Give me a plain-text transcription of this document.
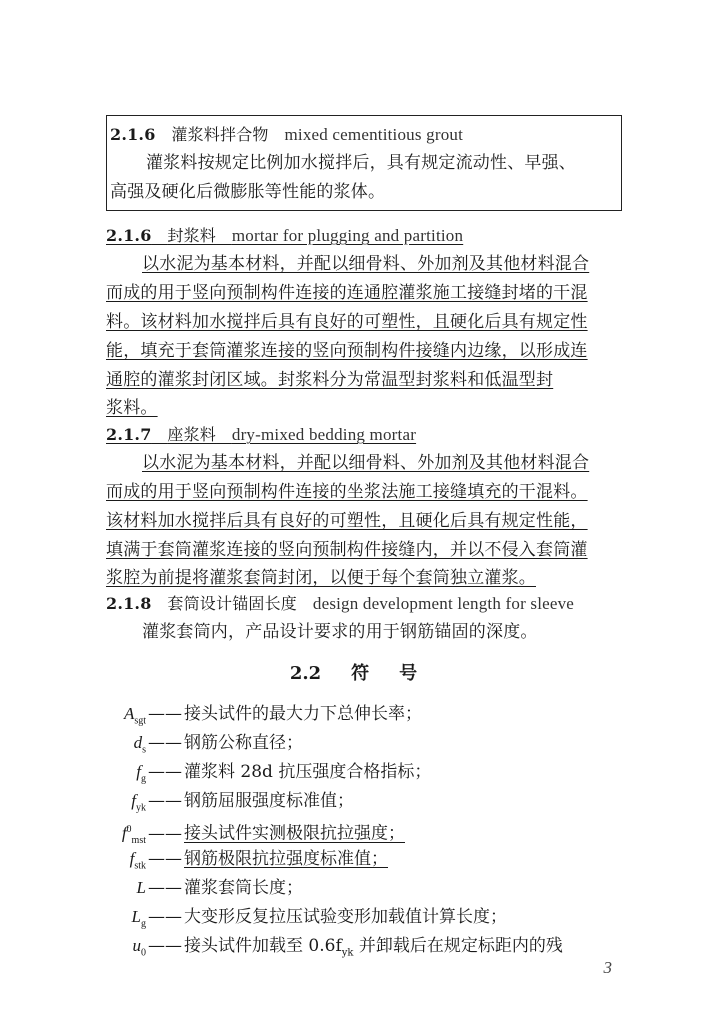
2.1.6 灌浆料拌合物 mixed cementitious grout
灌浆料按规定比例加水搅拌后，具有规定流动性、早强、
高强及硬化后微膨胀等性能的浆体。
2.1.6 封浆料 mortar for plugging and partition
以水泥为基本材料，并配以细骨料、外加剂及其他材料混合
而成的用于竖向预制构件连接的连通腔灌浆施工接缝封堵的干混
料。该材料加水搅拌后具有良好的可塑性，且硬化后具有规定性
能，填充于套筒灌浆连接的竖向预制构件接缝内边缘，以形成连
通腔的灌浆封闭区域。封浆料分为常温型封浆料和低温型封
浆料。
2.1.7 座浆料 dry-mixed bedding mortar
以水泥为基本材料，并配以细骨料、外加剂及其他材料混合
而成的用于竖向预制构件连接的坐浆法施工接缝填充的干混料。
该材料加水搅拌后具有良好的可塑性，且硬化后具有规定性能，
填满于套筒灌浆连接的竖向预制构件接缝内，并以不侵入套筒灌
浆腔为前提将灌浆套筒封闭，以便于每个套筒独立灌浆。
2.1.8 套筒设计锚固长度 design development length for sleeve
灌浆套筒内，产品设计要求的用于钢筋锚固的深度。
2.2 符 号
$A_{sgt}$ —— 接头试件的最大力下总伸长率；
$d_s$ —— 钢筋公称直径；
$f_g$ —— 灌浆料 28d 抗压强度合格指标；
$f_{yk}$ —— 钢筋屈服强度标准值；
$f^0_{mst}$ —— 接头试件实测极限抗拉强度；
$f_{stk}$ —— 钢筋极限抗拉强度标准值；
L —— 灌浆套筒长度；
$L_g$ —— 大变形反复拉压试验变形加载值计算长度；
$u_0$ —— 接头试件加载至 $0.6f_{yk}$ 并卸载后在规定标距内的残
3
